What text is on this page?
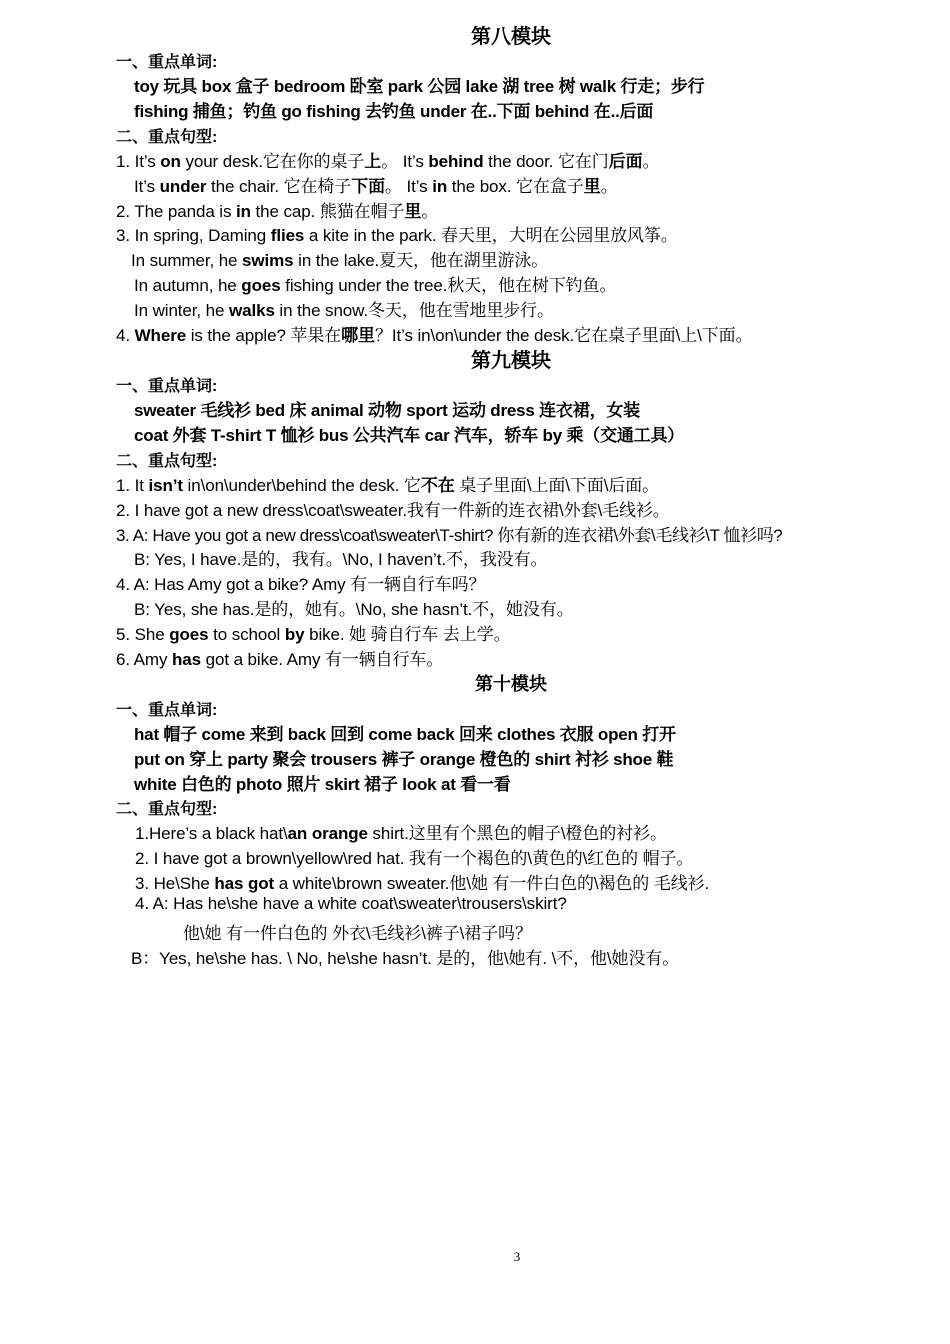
第八模块
一、重点单词:
toy 玩具 box 盒子 bedroom 卧室 park 公园 lake 湖 tree 树 walk 行走；步行
fishing 捕鱼；钓鱼 go fishing 去钓鱼 under 在..下面 behind 在..后面
二、重点句型:
1. It’s on your desk.它在你的桌子上。 It’s behind the door. 它在门后面。
It’s under the chair. 它在椅子下面。 It’s in the box. 它在盒子里。
2. The panda is in the cap. 熊猫在帽子里。
3. In spring, Daming flies a kite in the park. 春天里，大明在公园里放风筝。
In summer, he swims in the lake.夏天，他在湖里游泳。
In autumn, he goes fishing under the tree.秋天，他在树下钓鱼。
In winter, he walks in the snow.冬天，他在雪地里步行。
4. Where is the apple? 苹果在哪里？It’s in\on\under the desk.它在桌子里面\上\下面。
第九模块
一、重点单词:
sweater 毛线衫 bed 床 animal 动物 sport 运动 dress 连衣裙，女装
coat 外套 T-shirt T 恤衫 bus 公共汽车 car 汽车，轿车 by 乘（交通工具）
二、重点句型:
1. It isn’t in\on\under\behind the desk. 它不在 桌子里面\上面\下面\后面。
2. I have got a new dress\coat\sweater.我有一件新的连衣裙\外套\毛线衫。
3. A: Have you got a new dress\coat\sweater\T-shirt? 你有新的连衣裙\外套\毛线衫\T 恤衫吗?
B: Yes, I have.是的，我有。\No, I haven’t.不，我没有。
4. A: Has Amy got a bike? Amy 有一辆自行车吗？
B: Yes, she has.是的，她有。\No, she hasn’t.不，她没有。
5. She goes to school by bike. 她 骑自行车 去上学。
6. Amy has got a bike. Amy 有一辆自行车。
第十模块
一、重点单词:
hat 帽子 come 来到 back 回到 come back 回来 clothes 衣服 open 打开
put on 穿上 party 聚会 trousers 裤子 orange 橙色的 shirt 衬衫 shoe 鞋
white 白色的 photo 照片 skirt 裙子 look at 看一看
二、重点句型:
1.Here’s a black hat\an orange shirt.这里有个黑色的帽子\橙色的衬衫。
2. I have got a brown\yellow\red hat. 我有一个褐色的\黄色的\红色的 帽子。
3. He\She has got a white\brown sweater.他\她 有一件白色的\褐色的 毛线衫.
4. A: Has he\she have a white coat\sweater\trousers\skirt?
他\她 有一件白色的 外衣\毛线衫\裤子\裙子吗？
B：Yes, he\she has. \ No, he\she hasn’t. 是的，他\她有. \不，他\她没有。
3
